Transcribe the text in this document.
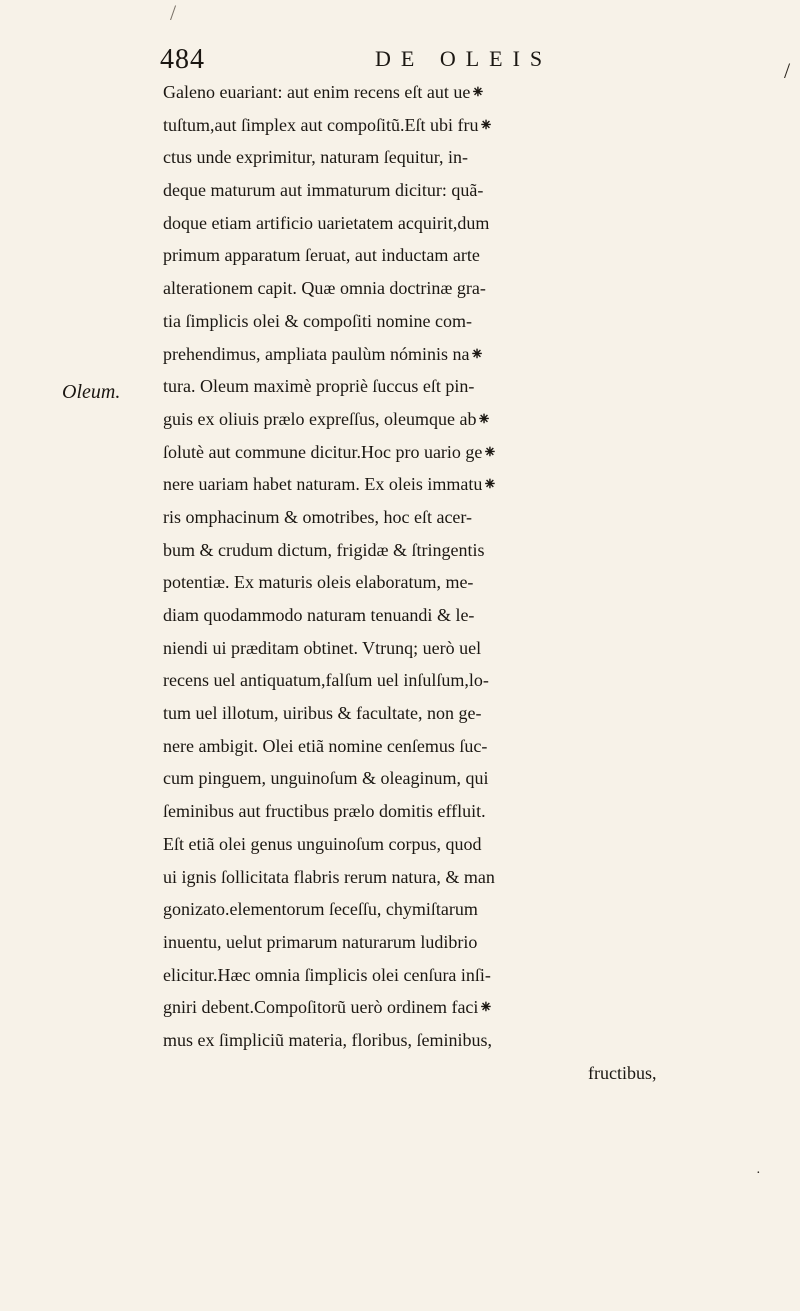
/
/
484	DE OLEIS
Oleum.
Galeno euariant: aut enim recens eſt aut ue⁕
tuſtum,aut ſimplex aut compoſitũ.Eſt ubi fru⁕
ctus unde exprimitur, naturam ſequitur, in-
deque maturum aut immaturum dicitur: quã-
doque etiam artificio uarietatem acquirit,dum
primum apparatum ſeruat, aut inductam arte
alterationem capit. Quæ omnia doctrinæ gra-
tia ſimplicis olei & compoſiti nomine com-
prehendimus, ampliata paulùm nóminis na⁕
tura. Oleum maximè propriè ſuccus eſt pin-
guis ex oliuis prælo expreſſus, oleumque ab⁕
ſolutè aut commune dicitur.Hoc pro uario ge⁕
nere uariam habet naturam. Ex oleis immatu⁕
ris omphacinum & omotribes, hoc eſt acer-
bum & crudum dictum, frigidæ & ſtringentis
potentiæ. Ex maturis oleis elaboratum, me-
diam quodammodo naturam tenuandi & le-
niendi ui præditam obtinet. Vtrunq; uerò uel
recens uel antiquatum,falſum uel inſulſum,lo-
tum uel illotum, uiribus & facultate, non ge-
nere ambigit. Olei etiã nomine cenſemus ſuc-
cum pinguem, unguinoſum & oleaginum, qui
ſeminibus aut fructibus prælo domitis effluit.
Eſt etiã olei genus unguinoſum corpus, quod
ui ignis ſollicitata flabris rerum natura, & man
gonizato.elementorum ſeceſſu, chymiſtarum
inuentu, uelut primarum naturarum ludibrio
elicitur.Hæc omnia ſimplicis olei cenſura inſi-
gniri debent.Compoſitorũ uerò ordinem faci⁕
mus ex ſimpliciũ materia, floribus, ſeminibus,
fructibus,
·
